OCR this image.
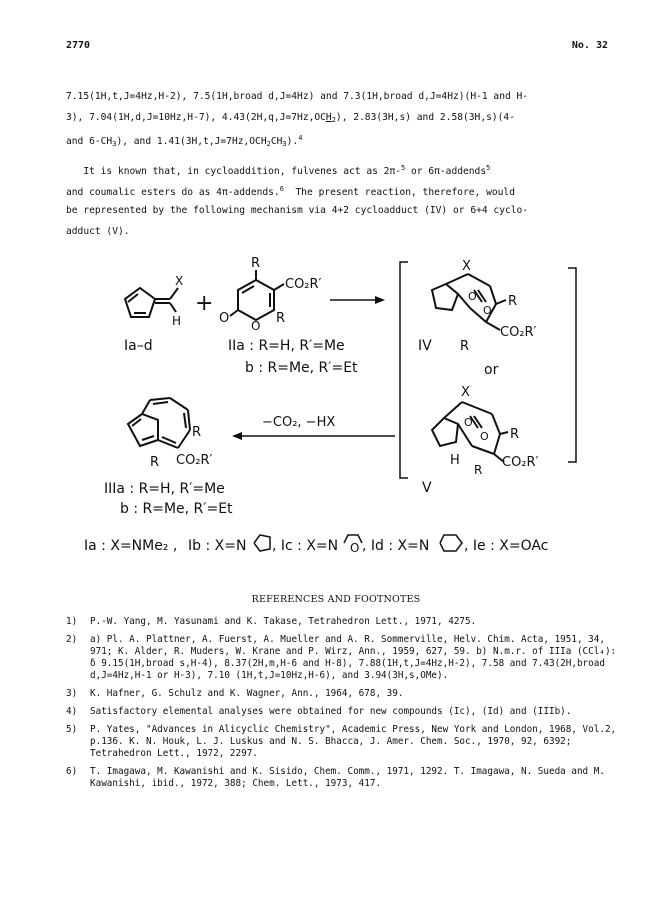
2770	No. 32
7.15(1H,t,J=4Hz,H-2), 7.5(1H,broad d,J=4Hz) and 7.3(1H,broad d,J=4Hz)(H-1 and H-
3), 7.04(1H,d,J=10Hz,H-7), $4.43(2H,q,J=7Hz,OCH_2)$, 2.83(3H,s) and 2.58(3H,s)(4-
and $6-CH_3$), and $1.41(3H,t,J=7Hz,OCH_2CH_3).^4$
It is known that, in cycloaddition, fulvenes act as 2π-$^5$ or 6π-addends$^5$
and coumalic esters do as 4π-addends.$^6$  The present reaction, therefore, would
be represented by the following mechanism via 4+2 cycloadduct (IV) or 6+4 cyclo-
adduct (V).
X
H
+
R
CO₂R′
O O R
Ia–d	IIa : R=H, R′=Me
b : R=Me, R′=Et
X
O
O
R
R
CO₂R′
IV
or
X
O
O R
H
R CO₂R′
V
−CO₂, −HX
R
R CO₂R′
IIIa : R=H, R′=Me
b : R=Me, R′=Et
Ia : X=NMe₂ , Ib : X=N , Ic : X=N O , Id : X=N , Ie : X=OAc
REFERENCES AND FOOTNOTES
1) P.-W. Yang, M. Yasunami and K. Takase, Tetrahedron Lett., 1971, 4275.
2) a) Pl. A. Plattner, A. Fuerst, A. Mueller and A. R. Sommerville, Helv. Chim. Acta, 1951, 34, 971; K. Alder, R. Muders, W. Krane and P. Wirz, Ann., 1959, 627, 59. b) N.m.r. of IIIa (CCl₄): δ 9.15(1H,broad s,H-4), 8.37(2H,m,H-6 and H-8), 7.88(1H,t,J=4Hz,H-2), 7.58 and 7.43(2H,broad d,J=4Hz,H-1 or H-3), 7.10 (1H,t,J=10Hz,H-6), and 3.94(3H,s,OMe).
3) K. Hafner, G. Schulz and K. Wagner, Ann., 1964, 678, 39.
4) Satisfactory elemental analyses were obtained for new compounds (Ic), (Id) and (IIIb).
5) P. Yates, "Advances in Alicyclic Chemistry", Academic Press, New York and London, 1968, Vol.2, p.136. K. N. Houk, L. J. Luskus and N. S. Bhacca, J. Amer. Chem. Soc., 1970, 92, 6392; Tetrahedron Lett., 1972, 2297.
6) T. Imagawa, M. Kawanishi and K. Sisido, Chem. Comm., 1971, 1292. T. Imagawa, N. Sueda and M. Kawanishi, ibid., 1972, 388; Chem. Lett., 1973, 417.
